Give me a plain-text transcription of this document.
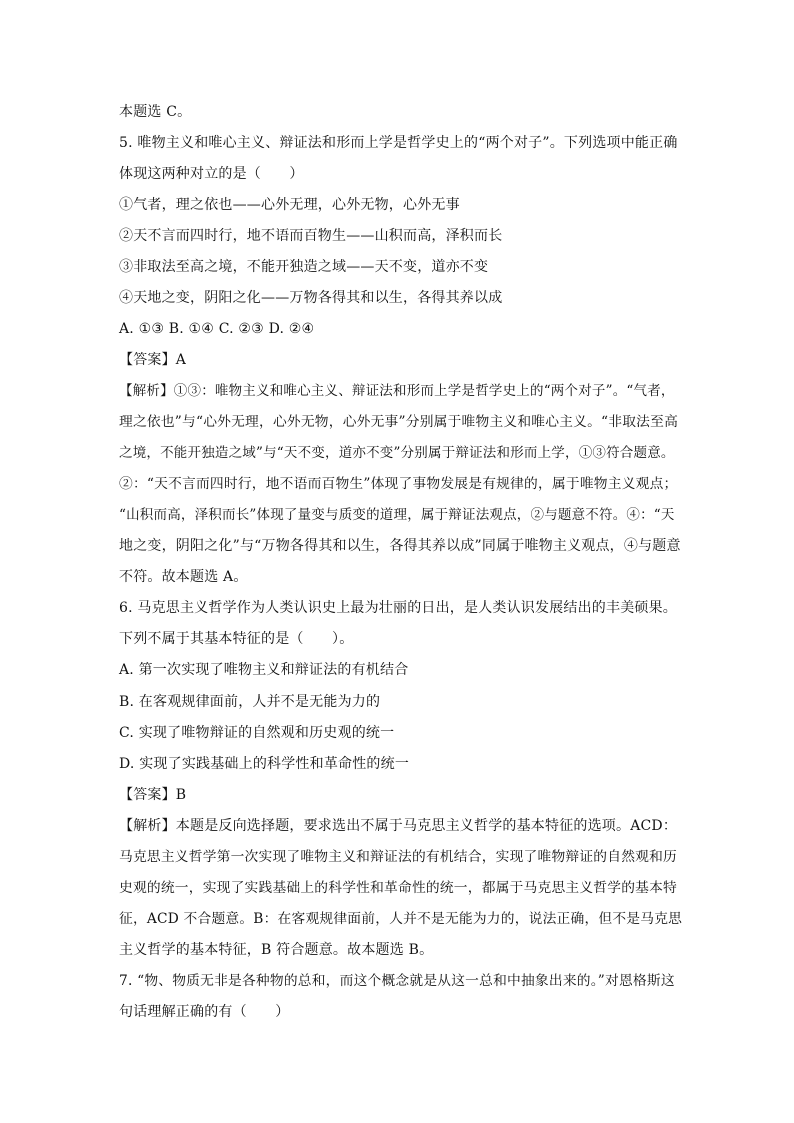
本题选 C。
5. 唯物主义和唯心主义、辩证法和形而上学是哲学史上的“两个对子”。下列选项中能正确
体现这两种对立的是（　　）
①气者，理之依也——心外无理，心外无物，心外无事
②天不言而四时行，地不语而百物生——山积而高，泽积而长
③非取法至高之境，不能开独造之域——天不变，道亦不变
④天地之变，阴阳之化——万物各得其和以生，各得其养以成
A. ①③ B. ①④ C. ②③ D. ②④
【答案】A
【解析】①③：唯物主义和唯心主义、辩证法和形而上学是哲学史上的“两个对子”。“气者，
理之依也”与“心外无理，心外无物，心外无事”分别属于唯物主义和唯心主义。“非取法至高
之境，不能开独造之域”与“天不变，道亦不变”分别属于辩证法和形而上学，①③符合题意。
②：“天不言而四时行，地不语而百物生”体现了事物发展是有规律的，属于唯物主义观点；
“山积而高，泽积而长”体现了量变与质变的道理，属于辩证法观点，②与题意不符。④：“天
地之变，阴阳之化”与“万物各得其和以生，各得其养以成”同属于唯物主义观点，④与题意
不符。故本题选 A。
6. 马克思主义哲学作为人类认识史上最为壮丽的日出，是人类认识发展结出的丰美硕果。
下列不属于其基本特征的是（　　）。
A. 第一次实现了唯物主义和辩证法的有机结合
B. 在客观规律面前，人并不是无能为力的
C. 实现了唯物辩证的自然观和历史观的统一
D. 实现了实践基础上的科学性和革命性的统一
【答案】B
【解析】本题是反向选择题，要求选出不属于马克思主义哲学的基本特征的选项。ACD：
马克思主义哲学第一次实现了唯物主义和辩证法的有机结合，实现了唯物辩证的自然观和历
史观的统一，实现了实践基础上的科学性和革命性的统一，都属于马克思主义哲学的基本特
征，ACD 不合题意。B：在客观规律面前，人并不是无能为力的，说法正确，但不是马克思
主义哲学的基本特征，B 符合题意。故本题选 B。
7. “物、物质无非是各种物的总和，而这个概念就是从这一总和中抽象出来的。”对恩格斯这
句话理解正确的有（　　）
